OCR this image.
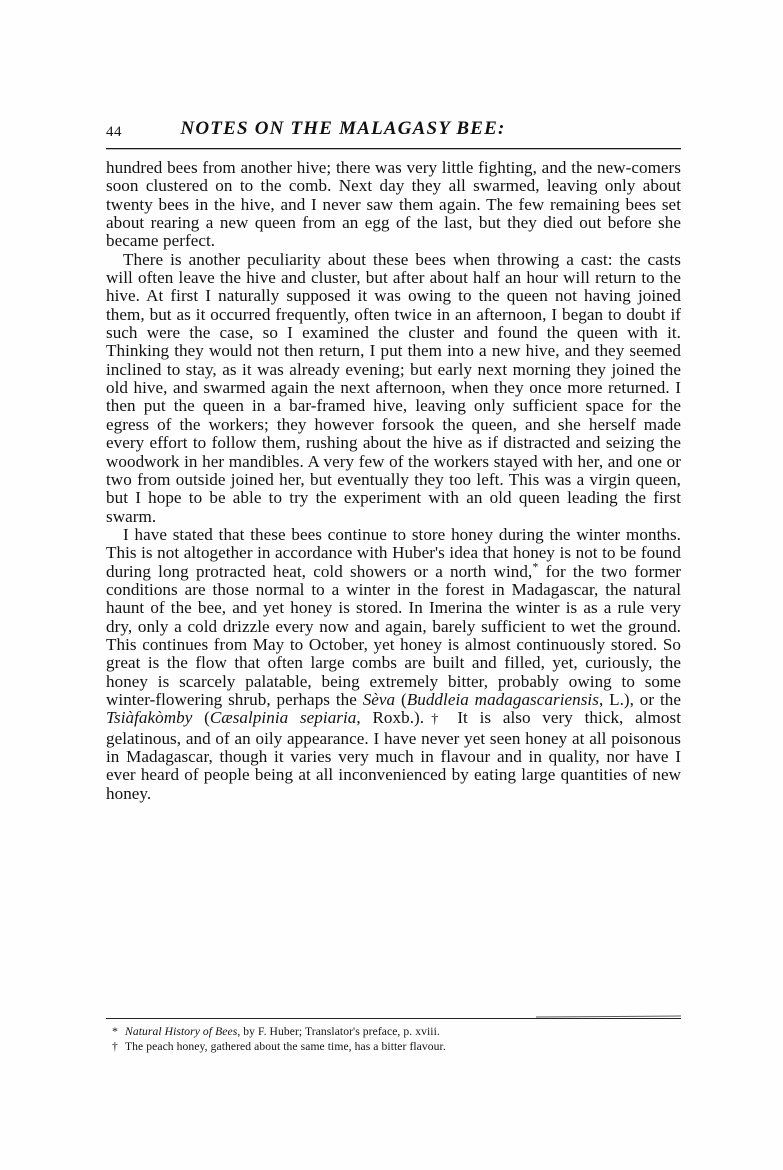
44	NOTES ON THE MALAGASY BEE:

hundred bees from another hive; there was very little fighting, and the new-comers soon clustered on to the comb. Next day they all swarmed, leaving only about twenty bees in the hive, and I never saw them again. The few remaining bees set about rearing a new queen from an egg of the last, but they died out before she became perfect.

There is another peculiarity about these bees when throwing a cast: the casts will often leave the hive and cluster, but after about half an hour will return to the hive. At first I naturally supposed it was owing to the queen not having joined them, but as it occurred frequently, often twice in an afternoon, I began to doubt if such were the case, so I examined the cluster and found the queen with it. Thinking they would not then return, I put them into a new hive, and they seemed inclined to stay, as it was already evening; but early next morning they joined the old hive, and swarmed again the next afternoon, when they once more returned. I then put the queen in a bar-framed hive, leaving only sufficient space for the egress of the workers; they however forsook the queen, and she herself made every effort to follow them, rushing about the hive as if distracted and seizing the woodwork in her mandibles. A very few of the workers stayed with her, and one or two from outside joined her, but eventually they too left. This was a virgin queen, but I hope to be able to try the experiment with an old queen leading the first swarm.

I have stated that these bees continue to store honey during the winter months. This is not altogether in accordance with Huber's idea that honey is not to be found during long protracted heat, cold showers or a north wind,* for the two former conditions are those normal to a winter in the forest in Madagascar, the natural haunt of the bee, and yet honey is stored. In Imerina the winter is as a rule very dry, only a cold drizzle every now and again, barely sufficient to wet the ground. This continues from May to October, yet honey is almost continuously stored. So great is the flow that often large combs are built and filled, yet, curiously, the honey is scarcely palatable, being extremely bitter, probably owing to some winter-flowering shrub, perhaps the Sèva (Buddleia madagascariensis, L.), or the Tsiàfakòmby (Cæsalpinia sepiaria, Roxb.).† It is also very thick, almost gelatinous, and of an oily appearance. I have never yet seen honey at all poisonous in Madagascar, though it varies very much in flavour and in quality, nor have I ever heard of people being at all inconvenienced by eating large quantities of new honey.

* Natural History of Bees, by F. Huber; Translator's preface, p. xviii.
† The peach honey, gathered about the same time, has a bitter flavour.
